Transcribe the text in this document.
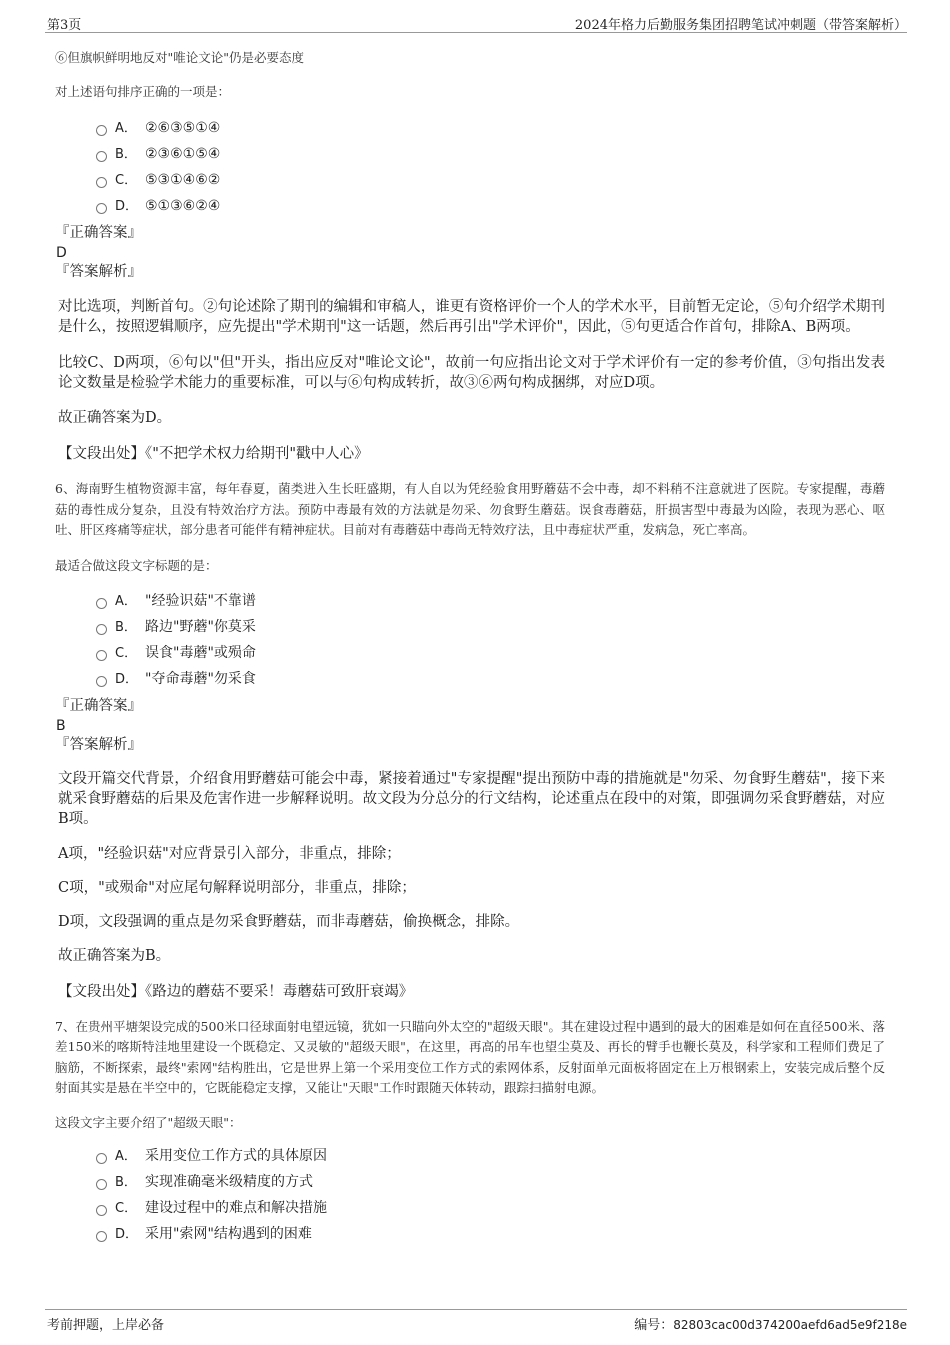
第3页	2024年格力后勤服务集团招聘笔试冲刺题（带答案解析）

⑥但旗帜鲜明地反对"唯论文论"仍是必要态度

对上述语句排序正确的一项是：

A． ②⑥③⑤①④
B． ②③⑥①⑤④
C． ⑤③①④⑥②
D． ⑤①③⑥②④

『正确答案』

D

『答案解析』

对比选项，判断首句。②句论述除了期刊的编辑和审稿人，谁更有资格评价一个人的学术水平，目前暂无定论，⑤句介绍学术期刊是什么，按照逻辑顺序，应先提出"学术期刊"这一话题，然后再引出"学术评价"，因此，⑤句更适合作首句，排除A、B两项。

比较C、D两项，⑥句以"但"开头，指出应反对"唯论文论"，故前一句应指出论文对于学术评价有一定的参考价值，③句指出发表论文数量是检验学术能力的重要标准，可以与⑥句构成转折，故③⑥两句构成捆绑，对应D项。

故正确答案为D。

【文段出处】《"不把学术权力给期刊"戳中人心》

6、海南野生植物资源丰富，每年春夏，菌类进入生长旺盛期，有人自以为凭经验食用野蘑菇不会中毒，却不料稍不注意就进了医院。专家提醒，毒蘑菇的毒性成分复杂，且没有特效治疗方法。预防中毒最有效的方法就是勿采、勿食野生蘑菇。误食毒蘑菇，肝损害型中毒最为凶险，表现为恶心、呕吐、肝区疼痛等症状，部分患者可能伴有精神症状。目前对有毒蘑菇中毒尚无特效疗法，且中毒症状严重，发病急，死亡率高。

最适合做这段文字标题的是：

A． "经验识菇"不靠谱
B． 路边"野蘑"你莫采
C． 误食"毒蘑"或殒命
D． "夺命毒蘑"勿采食

『正确答案』

B

『答案解析』

文段开篇交代背景，介绍食用野蘑菇可能会中毒，紧接着通过"专家提醒"提出预防中毒的措施就是"勿采、勿食野生蘑菇"，接下来就采食野蘑菇的后果及危害作进一步解释说明。故文段为分总分的行文结构，论述重点在段中的对策，即强调勿采食野蘑菇，对应B项。

A项，"经验识菇"对应背景引入部分，非重点，排除；

C项，"或殒命"对应尾句解释说明部分，非重点，排除；

D项，文段强调的重点是勿采食野蘑菇，而非毒蘑菇，偷换概念，排除。

故正确答案为B。

【文段出处】《路边的蘑菇不要采！毒蘑菇可致肝衰竭》

7、在贵州平塘架设完成的500米口径球面射电望远镜，犹如一只瞄向外太空的"超级天眼"。其在建设过程中遇到的最大的困难是如何在直径500米、落差150米的喀斯特洼地里建设一个既稳定、又灵敏的"超级天眼"，在这里，再高的吊车也望尘莫及、再长的臂手也鞭长莫及，科学家和工程师们费足了脑筋，不断探索，最终"索网"结构胜出，它是世界上第一个采用变位工作方式的索网体系，反射面单元面板将固定在上万根钢索上，安装完成后整个反射面其实是悬在半空中的，它既能稳定支撑，又能让"天眼"工作时跟随天体转动，跟踪扫描射电源。

这段文字主要介绍了"超级天眼"：

A． 采用变位工作方式的具体原因
B． 实现准确毫米级精度的方式
C． 建设过程中的难点和解决措施
D． 采用"索网"结构遇到的困难
考前押题，上岸必备	编号：82803cac00d374200aefd6ad5e9f218e
